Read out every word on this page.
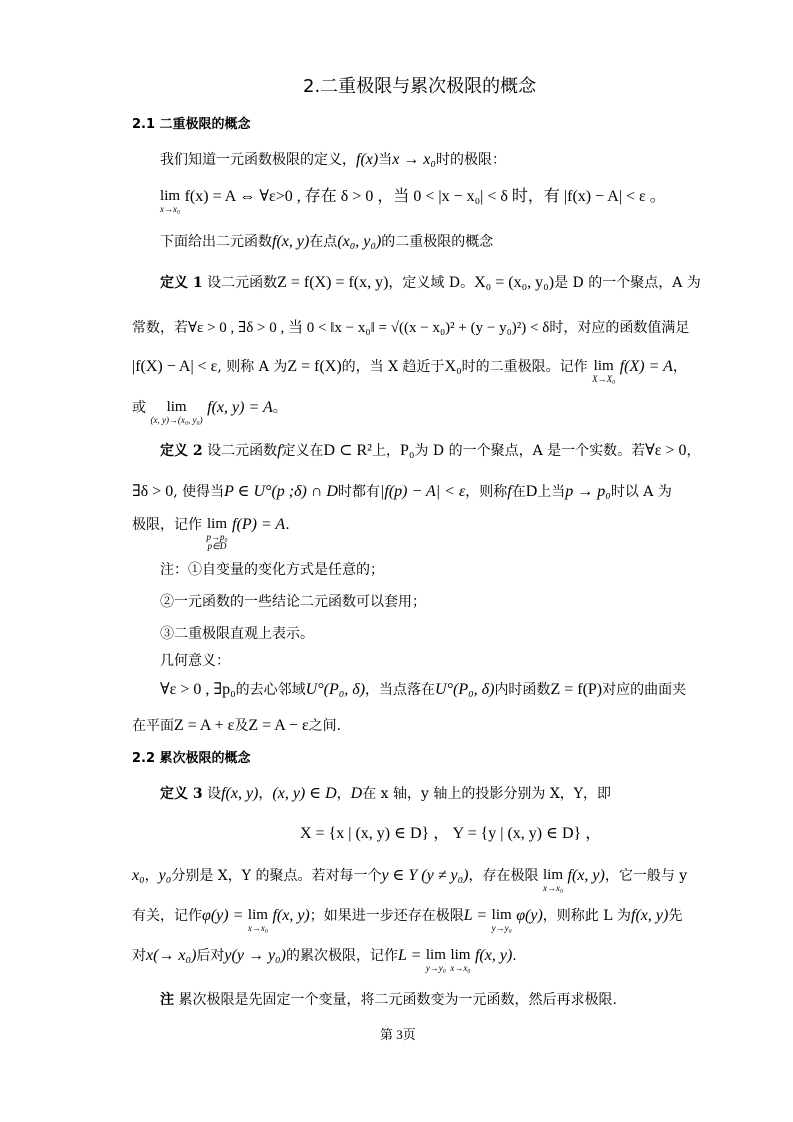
2.二重极限与累次极限的概念
2.1 二重极限的概念
我们知道一元函数极限的定义，f(x)当x → x₀时的极限：
lim
x→x₀
f(x) = A ⇔ ∀ε>0 , 存在 δ > 0 ，当 0 < |x − x₀| < δ 时，有 |f(x) − A| < ε 。
下面给出二元函数f(x, y)在点(x₀, y₀)的二重极限的概念
定义 1 设二元函数Z = f(X) = f(x, y)，定义域 D。X₀ = (x₀, y₀)是 D 的一个聚点，A 为
常数，若∀ε > 0 , ∃δ > 0 , 当 0 < ‖x − x₀‖ = √((x − x₀)² + (y − y₀)²) < δ时，对应的函数值满足
|f(X) − A| < ε, 则称 A 为Z = f(X)的，当 X 趋近于X₀时的二重极限。记作 lim
X→X₀
f(X) = A，
或	lim
(x, y)→(x₀, y₀)
f(x, y) = A。
定义 2 设二元函数f定义在D ⊂ R²上，P₀为 D 的一个聚点，A 是一个实数。若∀ε > 0，
∃δ > 0, 使得当P ∈ U°(p ;δ) ∩ D时都有|f(p) − A| < ε，则称f在D上当p → p₀时以 A 为
极限，记作 lim
p→p₀
p∈D
f(P) = A.
注：①自变量的变化方式是任意的；
②一元函数的一些结论二元函数可以套用；
③二重极限直观上表示。
几何意义：
∀ε > 0 , ∃p₀的去心邻域U°(P₀, δ)，当点落在U°(P₀, δ)内时函数Z = f(P)对应的曲面夹
在平面Z = A + ε及Z = A − ε之间.
2.2 累次极限的概念
定义 3 设f(x, y)，(x, y) ∈ D，D在 x 轴，y 轴上的投影分别为 X，Y，即
X = {x | (x, y) ∈ D} ， Y = {y | (x, y) ∈ D} ，
x₀，y₀分别是 X，Y 的聚点。若对每一个y ∈ Y (y ≠ y₀)，存在极限 lim
x→x₀
f(x, y)，它一般与 y
有关，记作φ(y) = lim
x→x₀
f(x, y)；如果进一步还存在极限L = lim
y→y₀
φ(y)，则称此 L 为f(x, y)先
对x(→ x₀)后对y(y → y₀)的累次极限，记作L = lim
y→y₀

lim
x→x₀
f(x, y).
注 累次极限是先固定一个变量，将二元函数变为一元函数，然后再求极限.
第 3页
